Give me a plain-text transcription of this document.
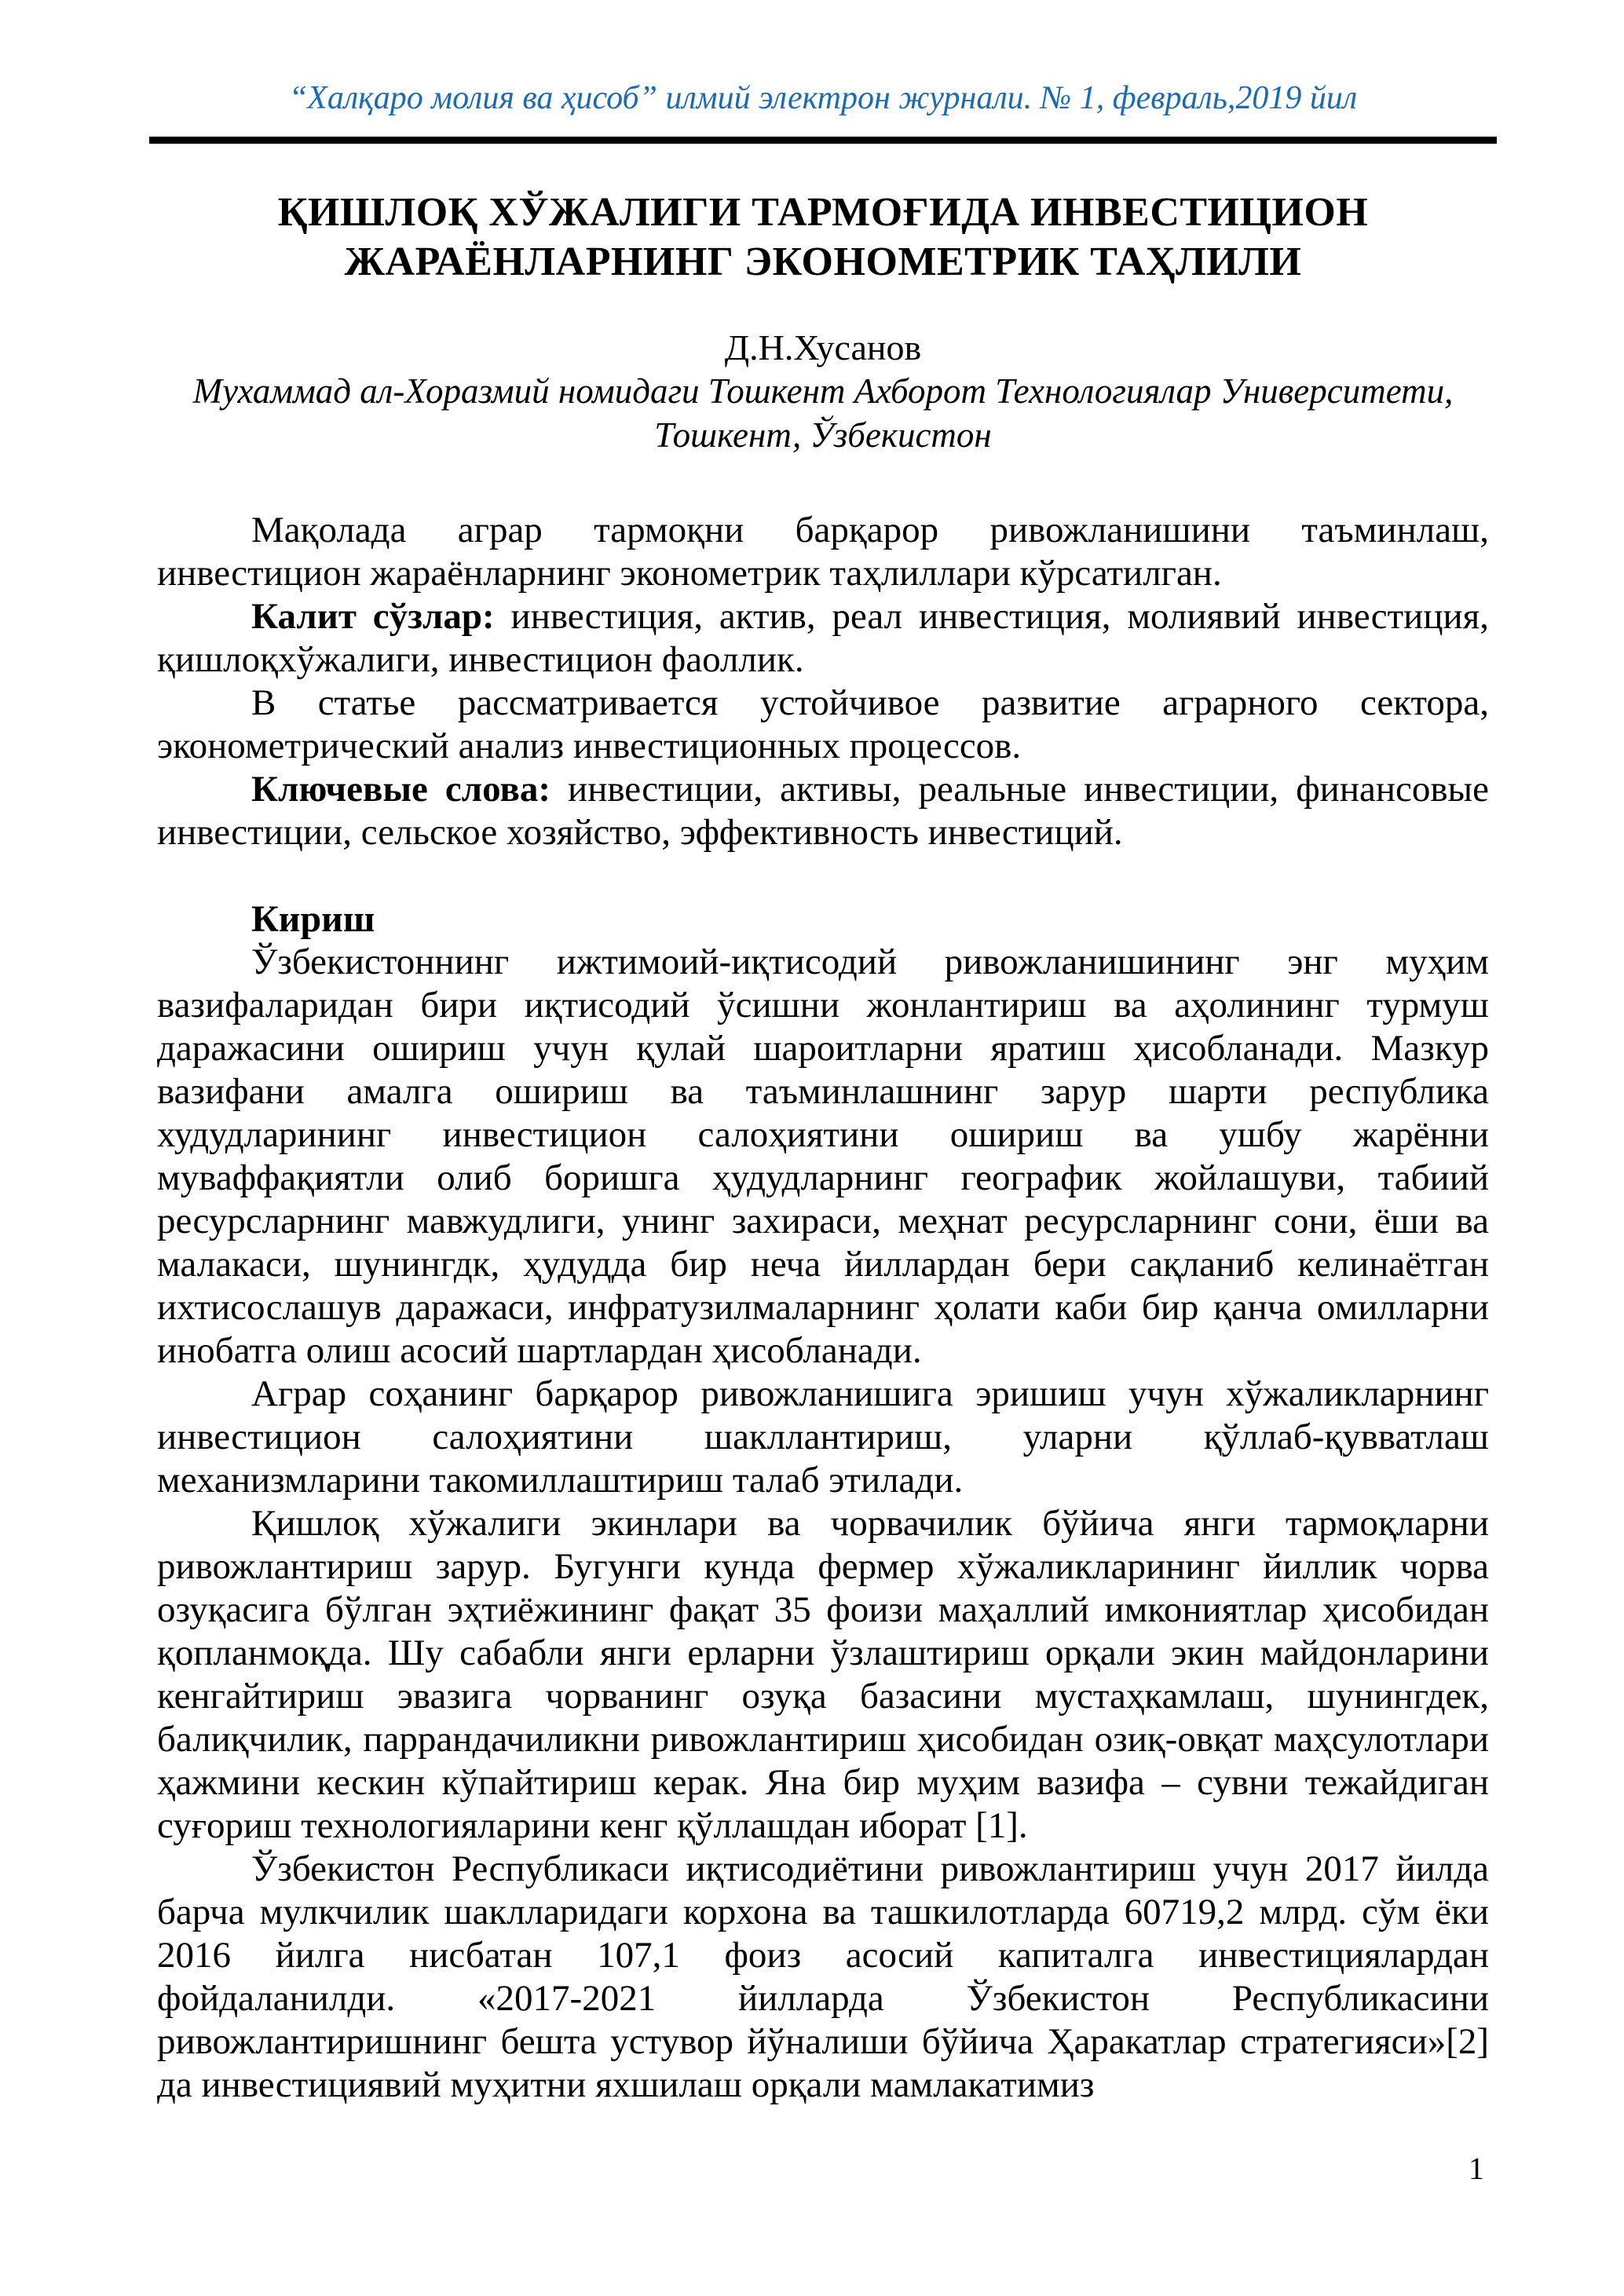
“Халқаро молия ва ҳисоб” илмий электрон журнали. № 1, февраль,2019 йил
ҚИШЛОҚ ХЎЖАЛИГИ ТАРМОҒИДА ИНВЕСТИЦИОН
ЖАРАЁНЛАРНИНГ ЭКОНОМЕТРИК ТАҲЛИЛИ
Д.Н.Хусанов
Мухаммад ал-Хоразмий номидаги Тошкент Ахборот Технологиялар Университети,
Тошкент, Ўзбекистон

Мақолада аграр тармоқни барқарор ривожланишини таъминлаш, инвестицион жараёнларнинг эконометрик таҳлиллари кўрсатилган.

Калит сўзлар: инвестиция, актив, реал инвестиция, молиявий инвестиция, қишлоқхўжалиги, инвестицион фаоллик.

В статье рассматривается устойчивое развитие аграрного сектора, эконометрический анализ инвестиционных процессов.

Ключевые слова: инвестиции, активы, реальные инвестиции, финансовые инвестиции, сельское хозяйство, эффективность инвестиций.

Кириш

Ўзбекистоннинг ижтимоий-иқтисодий ривожланишининг энг муҳим вазифаларидан бири иқтисодий ўсишни жонлантириш ва аҳолининг турмуш даражасини ошириш учун қулай шароитларни яратиш ҳисобланади. Мазкур вазифани амалга ошириш ва таъминлашнинг зарур шарти республика худудларининг инвестицион салоҳиятини ошириш ва ушбу жарённи муваффақиятли олиб боришга ҳудудларнинг географик жойлашуви, табиий ресурсларнинг мавжудлиги, унинг захираси, меҳнат ресурсларнинг сони, ёши ва малакаси, шунингдк, ҳудудда бир неча йиллардан бери сақланиб келинаётган ихтисослашув даражаси, инфратузилмаларнинг ҳолати каби бир қанча омилларни инобатга олиш асосий шартлардан ҳисобланади.

Аграр соҳанинг барқарор ривожланишига эришиш учун хўжаликларнинг инвестицион салоҳиятини шакллантириш, уларни қўллаб-қувватлаш механизмларини такомиллаштириш талаб этилади.

Қишлоқ хўжалиги экинлари ва чорвачилик бўйича янги тармоқларни ривожлантириш зарур. Бугунги кунда фермер хўжаликларининг йиллик чорва озуқасига бўлган эҳтиёжининг фақат 35 фоизи маҳаллий имкониятлар ҳисобидан қопланмоқда. Шу сабабли янги ерларни ўзлаштириш орқали экин майдонларини кенгайтириш эвазига чорванинг озуқа базасини мустаҳкамлаш, шунингдек, балиқчилик, паррандачиликни ривожлантириш ҳисобидан озиқ-овқат маҳсулотлари ҳажмини кескин кўпайтириш керак. Яна бир муҳим вазифа – сувни тежайдиган суғориш технологияларини кенг қўллашдан иборат [1].

Ўзбекистон Республикаси иқтисодиётини ривожлантириш учун 2017 йилда барча мулкчилик шаклларидаги корхона ва ташкилотларда 60719,2 млрд. сўм ёки 2016 йилга нисбатан 107,1 фоиз асосий капиталга инвестициялардан фойдаланилди. «2017-2021 йилларда Ўзбекистон Республикасини ривожлантиришнинг бешта устувор йўналиши бўйича Ҳаракатлар стратегияси»[2] да инвестициявий муҳитни яхшилаш орқали мамлакатимиз

1
